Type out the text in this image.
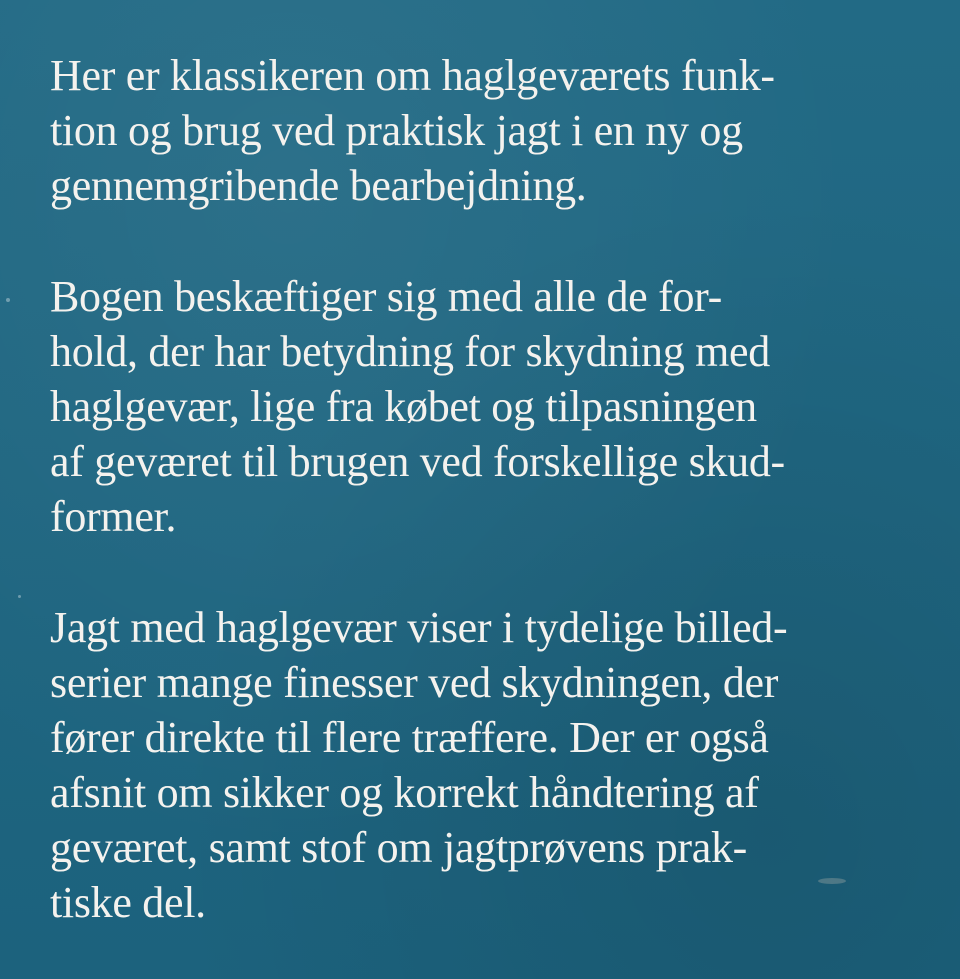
Her er klassikeren om haglgeværets funk-
tion og brug ved praktisk jagt i en ny og
gennemgribende bearbejdning.

Bogen beskæftiger sig med alle de for-
hold, der har betydning for skydning med
haglgevær, lige fra købet og tilpasningen
af geværet til brugen ved forskellige skud-
former.

Jagt med haglgevær viser i tydelige billed-
serier mange finesser ved skydningen, der
fører direkte til flere træffere. Der er også
afsnit om sikker og korrekt håndtering af
geværet, samt stof om jagtprøvens prak-
tiske del.
